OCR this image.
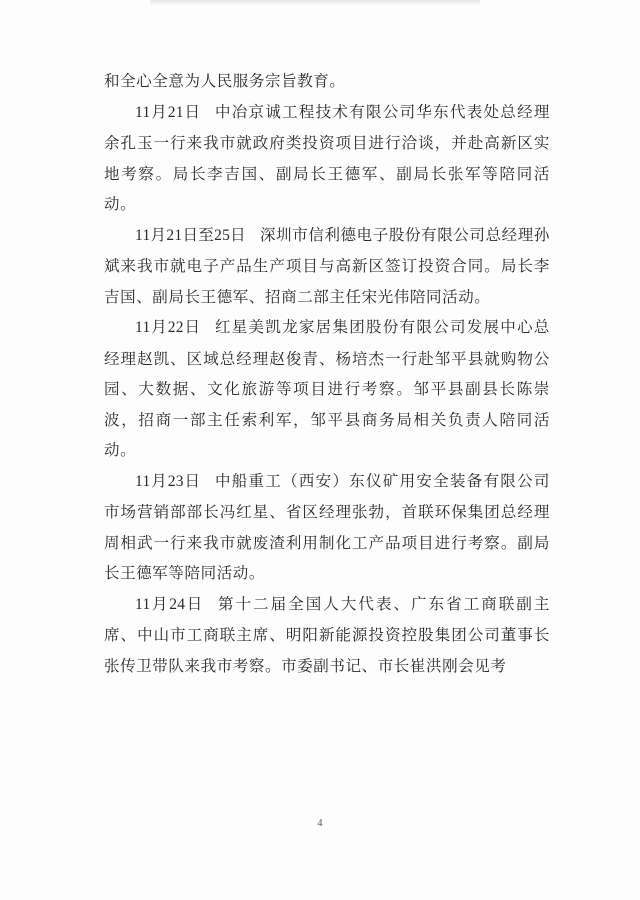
和全心全意为人民服务宗旨教育。

11月21日 中冶京诚工程技术有限公司华东代表处总经理余孔玉一行来我市就政府类投资项目进行洽谈，并赴高新区实地考察。局长李吉国、副局长王德军、副局长张军等陪同活动。

11月21日至25日 深圳市信利德电子股份有限公司总经理孙斌来我市就电子产品生产项目与高新区签订投资合同。局长李吉国、副局长王德军、招商二部主任宋光伟陪同活动。

11月22日 红星美凯龙家居集团股份有限公司发展中心总经理赵凯、区域总经理赵俊青、杨培杰一行赴邹平县就购物公园、大数据、文化旅游等项目进行考察。邹平县副县长陈崇波，招商一部主任索利军，邹平县商务局相关负责人陪同活动。

11月23日 中船重工（西安）东仪矿用安全装备有限公司市场营销部部长冯红星、省区经理张勃，首联环保集团总经理周相武一行来我市就废渣利用制化工产品项目进行考察。副局长王德军等陪同活动。

11月24日 第十二届全国人大代表、广东省工商联副主席、中山市工商联主席、明阳新能源投资控股集团公司董事长张传卫带队来我市考察。市委副书记、市长崔洪刚会见考

4
